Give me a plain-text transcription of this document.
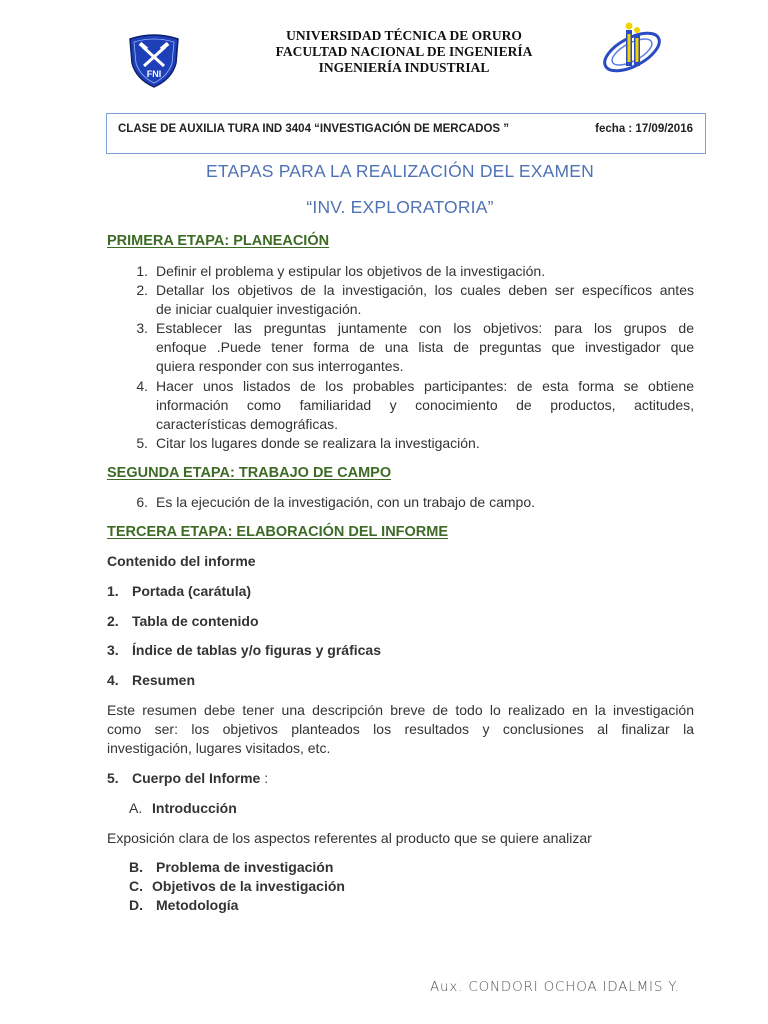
FNI
UNIVERSIDAD TÉCNICA DE ORURO
FACULTAD NACIONAL DE INGENIERÍA
INGENIERÍA INDUSTRIAL
CLASE DE AUXILIA TURA IND 3404 “INVESTIGACIÓN DE MERCADOS ”	fecha : 17/09/2016
ETAPAS PARA LA REALIZACIÓN DEL EXAMEN
“INV. EXPLORATORIA”
PRIMERA ETAPA: PLANEACIÓN
1. Definir el problema y estipular los objetivos de la investigación.
2. Detallar los objetivos de la investigación, los cuales deben ser específicos antes
de iniciar cualquier investigación.
3. Establecer las preguntas juntamente con los objetivos: para los grupos de
enfoque .Puede tener forma de una lista de preguntas que investigador que
quiera responder con sus interrogantes.
4. Hacer unos listados de los probables participantes: de esta forma se obtiene
información como familiaridad y conocimiento de productos, actitudes,
características demográficas.
5. Citar los lugares donde se realizara la investigación.
SEGUNDA ETAPA: TRABAJO DE CAMPO
6. Es la ejecución de la investigación, con un trabajo de campo.
TERCERA ETAPA: ELABORACIÓN DEL INFORME
Contenido del informe
1. Portada (carátula)
2. Tabla de contenido
3. Índice de tablas y/o figuras y gráficas
4. Resumen
Este resumen debe tener una descripción breve de todo lo realizado en la investigación
como ser: los objetivos planteados los resultados y conclusiones al finalizar la
investigación, lugares visitados, etc.
5. Cuerpo del Informe :
A. Introducción
Exposición clara de los aspectos referentes al producto que se quiere analizar
B. Problema de investigación
C. Objetivos de la investigación
D. Metodología
Aux. CONDORI OCHOA IDALMIS Y.
